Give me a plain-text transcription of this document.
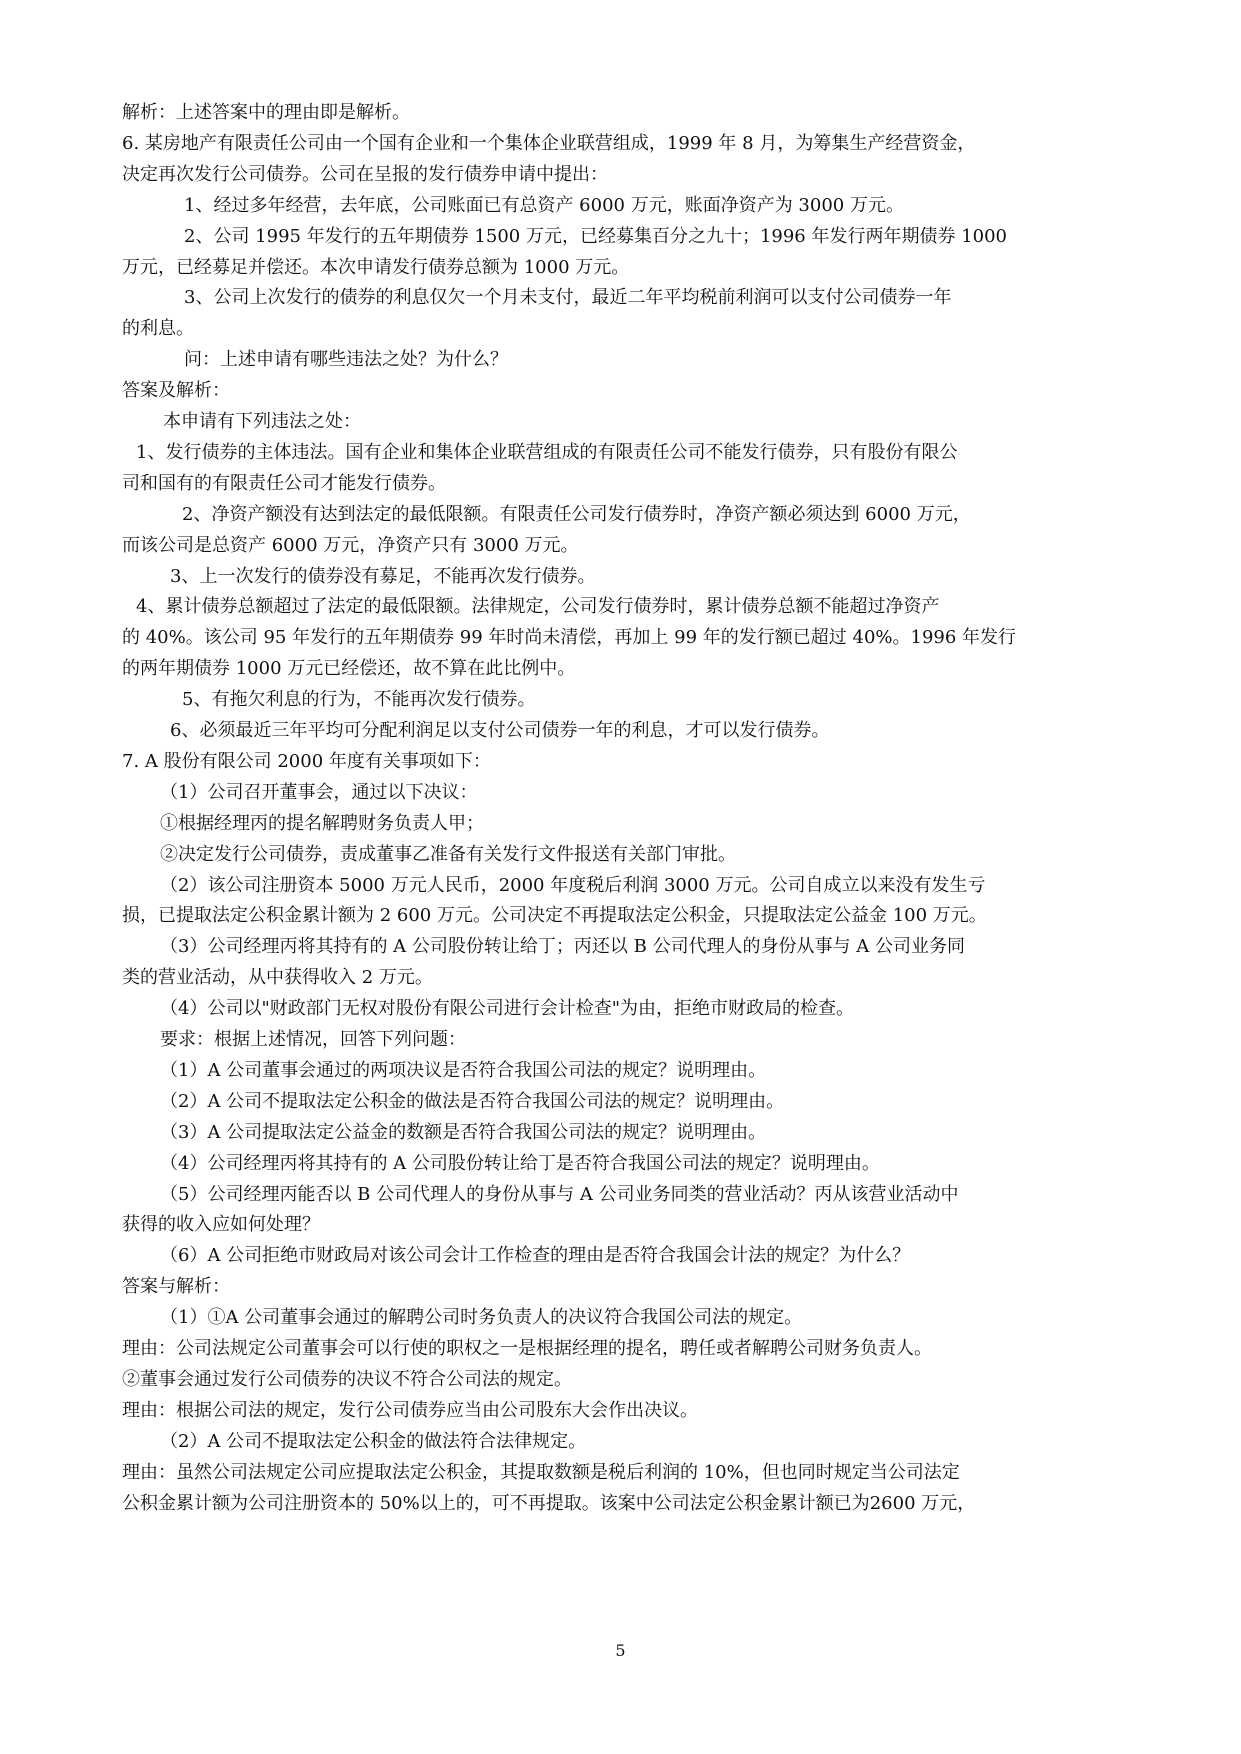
解析：上述答案中的理由即是解析。
6. 某房地产有限责任公司由一个国有企业和一个集体企业联营组成，1999 年 8 月，为筹集生产经营资金，
决定再次发行公司债券。公司在呈报的发行债券申请中提出：
1、经过多年经营，去年底，公司账面已有总资产 6000 万元，账面净资产为 3000 万元。
2、公司 1995 年发行的五年期债券 1500 万元，已经募集百分之九十；1996 年发行两年期债券 1000
万元，已经募足并偿还。本次申请发行债券总额为 1000 万元。
3、公司上次发行的债券的利息仅欠一个月未支付，最近二年平均税前利润可以支付公司债券一年
的利息。
问：上述申请有哪些违法之处？为什么？
答案及解析：
本申请有下列违法之处：
1、发行债券的主体违法。国有企业和集体企业联营组成的有限责任公司不能发行债券，只有股份有限公
司和国有的有限责任公司才能发行债券。
2、净资产额没有达到法定的最低限额。有限责任公司发行债券时，净资产额必须达到 6000 万元，
而该公司是总资产 6000 万元，净资产只有 3000 万元。
3、上一次发行的债券没有募足，不能再次发行债券。
4、累计债券总额超过了法定的最低限额。法律规定，公司发行债券时，累计债券总额不能超过净资产
的 40%。该公司 95 年发行的五年期债券 99 年时尚未清偿，再加上 99 年的发行额已超过 40%。1996 年发行
的两年期债券 1000 万元已经偿还，故不算在此比例中。
5、有拖欠利息的行为，不能再次发行债券。
6、必须最近三年平均可分配利润足以支付公司债券一年的利息，才可以发行债券。
7. A 股份有限公司 2000 年度有关事项如下：
（1）公司召开董事会，通过以下决议：
①根据经理丙的提名解聘财务负责人甲；
②决定发行公司债券，责成董事乙准备有关发行文件报送有关部门审批。
（2）该公司注册资本 5000 万元人民币，2000 年度税后利润 3000 万元。公司自成立以来没有发生亏
损，已提取法定公积金累计额为 2 600 万元。公司决定不再提取法定公积金，只提取法定公益金 100 万元。
（3）公司经理丙将其持有的 A 公司股份转让给丁；丙还以 B 公司代理人的身份从事与 A 公司业务同
类的营业活动，从中获得收入 2 万元。
（4）公司以"财政部门无权对股份有限公司进行会计检查"为由，拒绝市财政局的检查。
要求：根据上述情况，回答下列问题：
（1）A 公司董事会通过的两项决议是否符合我国公司法的规定？说明理由。
（2）A 公司不提取法定公积金的做法是否符合我国公司法的规定？说明理由。
（3）A 公司提取法定公益金的数额是否符合我国公司法的规定？说明理由。
（4）公司经理丙将其持有的 A 公司股份转让给丁是否符合我国公司法的规定？说明理由。
（5）公司经理丙能否以 B 公司代理人的身份从事与 A 公司业务同类的营业活动？丙从该营业活动中
获得的收入应如何处理？
（6）A 公司拒绝市财政局对该公司会计工作检查的理由是否符合我国会计法的规定？为什么？
答案与解析：
（1）①A 公司董事会通过的解聘公司时务负责人的决议符合我国公司法的规定。
理由：公司法规定公司董事会可以行使的职权之一是根据经理的提名，聘任或者解聘公司财务负责人。
②董事会通过发行公司债券的决议不符合公司法的规定。
理由：根据公司法的规定，发行公司债券应当由公司股东大会作出决议。
（2）A 公司不提取法定公积金的做法符合法律规定。
理由：虽然公司法规定公司应提取法定公积金，其提取数额是税后利润的 10%，但也同时规定当公司法定
公积金累计额为公司注册资本的 50%以上的，可不再提取。该案中公司法定公积金累计额已为2600 万元，
5
